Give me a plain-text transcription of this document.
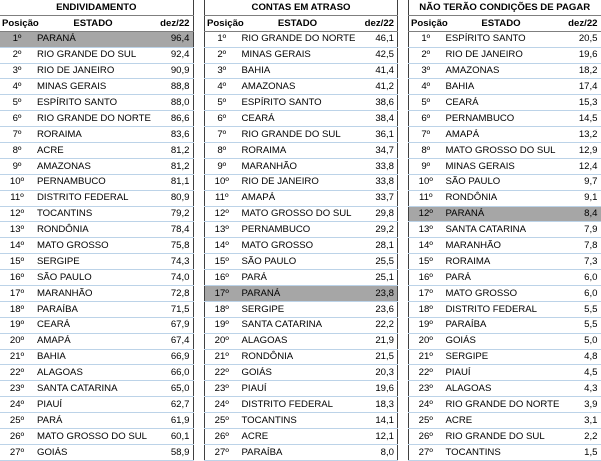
ENDIVIDAMENTO		
Posição	ESTADO	dez/22
1º	PARANÁ	96,4
2º	RIO GRANDE DO SUL	92,4
3º	RIO DE JANEIRO	90,9
4º	MINAS GERAIS	88,8
5º	ESPÍRITO SANTO	88,0
6º	RIO GRANDE DO NORTE	86,6
7º	RORAIMA	83,6
8º	ACRE	81,2
9º	AMAZONAS	81,2
10º	PERNAMBUCO	81,1
11º	DISTRITO FEDERAL	80,9
12º	TOCANTINS	79,2
13º	RONDÔNIA	78,4
14º	MATO GROSSO	75,8
15º	SERGIPE	74,3
16º	SÃO PAULO	74,0
17º	MARANHÃO	72,8
18º	PARAÍBA	71,5
19º	CEARÁ	67,9
20º	AMAPÁ	67,4
21º	BAHIA	66,9
22º	ALAGOAS	66,0
23º	SANTA CATARINA	65,0
24º	PIAUÍ	62,7
25º	PARÁ	61,9
26º	MATO GROSSO DO SUL	60,1
27º	GOIÁS	58,9
CONTAS EM ATRASO		
Posição	ESTADO	dez/22
1º	RIO GRANDE DO NORTE	46,1
2º	MINAS GERAIS	42,5
3º	BAHIA	41,4
4º	AMAZONAS	41,2
5º	ESPÍRITO SANTO	38,6
6º	CEARÁ	38,4
7º	RIO GRANDE DO SUL	36,1
8º	RORAIMA	34,7
9º	MARANHÃO	33,8
10º	RIO DE JANEIRO	33,8
11º	AMAPÁ	33,7
12º	MATO GROSSO DO SUL	29,8
13º	PERNAMBUCO	29,2
14º	MATO GROSSO	28,1
15º	SÃO PAULO	25,5
16º	PARÁ	25,1
17º	PARANÁ	23,8
18º	SERGIPE	23,6
19º	SANTA CATARINA	22,2
20º	ALAGOAS	21,9
21º	RONDÔNIA	21,5
22º	GOIÁS	20,3
23º	PIAUÍ	19,6
24º	DISTRITO FEDERAL	18,3
25º	TOCANTINS	14,1
26º	ACRE	12,1
27º	PARAÍBA	8,0
NÃO TERÃO CONDIÇÕES DE PAGAR		
Posição	ESTADO	dez/22
1º	ESPÍRITO SANTO	20,5
2º	RIO DE JANEIRO	19,6
3º	AMAZONAS	18,2
4º	BAHIA	17,4
5º	CEARÁ	15,3
6º	PERNAMBUCO	14,5
7º	AMAPÁ	13,2
8º	MATO GROSSO DO SUL	12,9
9º	MINAS GERAIS	12,4
10º	SÃO PAULO	9,7
11º	RONDÔNIA	9,1
12º	PARANÁ	8,4
13º	SANTA CATARINA	7,9
14º	MARANHÃO	7,8
15º	RORAIMA	7,3
16º	PARÁ	6,0
17º	MATO GROSSO	6,0
18º	DISTRITO FEDERAL	5,5
19º	PARAÍBA	5,5
20º	GOIÁS	5,0
21º	SERGIPE	4,8
22º	PIAUÍ	4,5
23º	ALAGOAS	4,3
24º	RIO GRANDE DO NORTE	3,9
25º	ACRE	3,1
26º	RIO GRANDE DO SUL	2,2
27º	TOCANTINS	1,5
